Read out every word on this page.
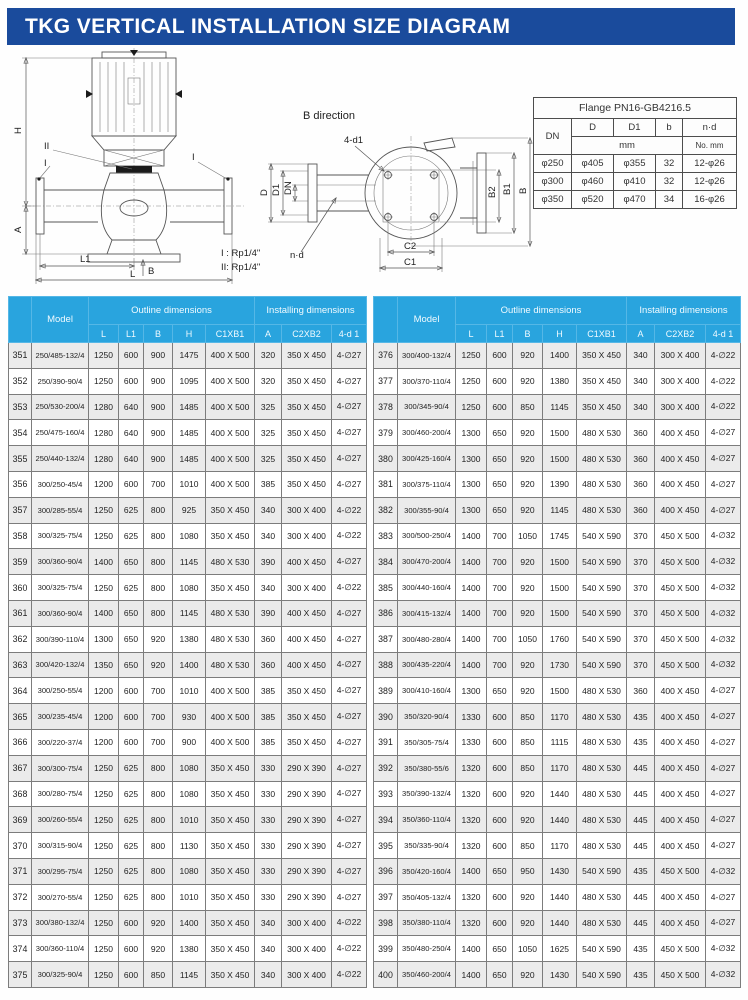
TKG VERTICAL INSTALLATION SIZE DIAGRAM
H
A
L1
L B
II
I
I
I : Rp1/4"
II: Rp1/4"
B direction
4-d1
n·d
D D1 DN	B2 B1 B
C2
C1
Flange PN16-GB4216.5				
DN	D	D1	b	n·d
	mm			No. mm
φ250	φ405	φ355	32	12-φ26
φ300	φ460	φ410	32	12-φ26
φ350	φ520	φ470	34	16-φ26
	Model	Outline dimensions					Installing dimensions		
		L	L1	B	H	C1XB1	A	C2XB2	4-d 1
351	250/485-132/4	1250	600	900	1475	400 X 500	320	350 X 450	4-∅27
352	250/390-90/4	1250	600	900	1095	400 X 500	320	350 X 450	4-∅27
353	250/530-200/4	1280	640	900	1485	400 X 500	325	350 X 450	4-∅27
354	250/475-160/4	1280	640	900	1485	400 X 500	325	350 X 450	4-∅27
355	250/440-132/4	1280	640	900	1485	400 X 500	325	350 X 450	4-∅27
356	300/250-45/4	1200	600	700	1010	400 X 500	385	350 X 450	4-∅27
357	300/285-55/4	1250	625	800	925	350 X 450	340	300 X 400	4-∅22
358	300/325-75/4	1250	625	800	1080	350 X 450	340	300 X 400	4-∅22
359	300/360-90/4	1400	650	800	1145	480 X 530	390	400 X 450	4-∅27
360	300/325-75/4	1250	625	800	1080	350 X 450	340	300 X 400	4-∅22
361	300/360-90/4	1400	650	800	1145	480 X 530	390	400 X 450	4-∅27
362	300/390-110/4	1300	650	920	1380	480 X 530	360	400 X 450	4-∅27
363	300/420-132/4	1350	650	920	1400	480 X 530	360	400 X 450	4-∅27
364	300/250-55/4	1200	600	700	1010	400 X 500	385	350 X 450	4-∅27
365	300/235-45/4	1200	600	700	930	400 X 500	385	350 X 450	4-∅27
366	300/220-37/4	1200	600	700	900	400 X 500	385	350 X 450	4-∅27
367	300/300-75/4	1250	625	800	1080	350 X 450	330	290 X 390	4-∅27
368	300/280-75/4	1250	625	800	1080	350 X 450	330	290 X 390	4-∅27
369	300/260-55/4	1250	625	800	1010	350 X 450	330	290 X 390	4-∅27
370	300/315-90/4	1250	625	800	1130	350 X 450	330	290 X 390	4-∅27
371	300/295-75/4	1250	625	800	1080	350 X 450	330	290 X 390	4-∅27
372	300/270-55/4	1250	625	800	1010	350 X 450	330	290 X 390	4-∅27
373	300/380-132/4	1250	600	920	1400	350 X 450	340	300 X 400	4-∅22
374	300/360-110/4	1250	600	920	1380	350 X 450	340	300 X 400	4-∅22
375	300/325-90/4	1250	600	850	1145	350 X 450	340	300 X 400	4-∅22
	Model	Outline dimensions					Installing dimensions		
		L	L1	B	H	C1XB1	A	C2XB2	4-d 1
376	300/400-132/4	1250	600	920	1400	350 X 450	340	300 X 400	4-∅22
377	300/370-110/4	1250	600	920	1380	350 X 450	340	300 X 400	4-∅22
378	300/345-90/4	1250	600	850	1145	350 X 450	340	300 X 400	4-∅22
379	300/460-200/4	1300	650	920	1500	480 X 530	360	400 X 450	4-∅27
380	300/425-160/4	1300	650	920	1500	480 X 530	360	400 X 450	4-∅27
381	300/375-110/4	1300	650	920	1390	480 X 530	360	400 X 450	4-∅27
382	300/355-90/4	1300	650	920	1145	480 X 530	360	400 X 450	4-∅27
383	300/500-250/4	1400	700	1050	1745	540 X 590	370	450 X 500	4-∅32
384	300/470-200/4	1400	700	920	1500	540 X 590	370	450 X 500	4-∅32
385	300/440-160/4	1400	700	920	1500	540 X 590	370	450 X 500	4-∅32
386	300/415-132/4	1400	700	920	1500	540 X 590	370	450 X 500	4-∅32
387	300/480-280/4	1400	700	1050	1760	540 X 590	370	450 X 500	4-∅32
388	300/435-220/4	1400	700	920	1730	540 X 590	370	450 X 500	4-∅32
389	300/410-160/4	1300	650	920	1500	480 X 530	360	400 X 450	4-∅27
390	350/320-90/4	1330	600	850	1170	480 X 530	435	400 X 450	4-∅27
391	350/305-75/4	1330	600	850	1115	480 X 530	435	400 X 450	4-∅27
392	350/380-55/6	1320	600	850	1170	480 X 530	445	400 X 450	4-∅27
393	350/390-132/4	1320	600	920	1440	480 X 530	445	400 X 450	4-∅27
394	350/360-110/4	1320	600	920	1440	480 X 530	445	400 X 450	4-∅27
395	350/335-90/4	1320	600	850	1170	480 X 530	445	400 X 450	4-∅27
396	350/420-160/4	1400	650	950	1430	540 X 590	435	450 X 500	4-∅32
397	350/405-132/4	1320	600	920	1440	480 X 530	445	400 X 450	4-∅27
398	350/380-110/4	1320	600	920	1440	480 X 530	445	400 X 450	4-∅27
399	350/480-250/4	1400	650	1050	1625	540 X 590	435	450 X 500	4-∅32
400	350/460-200/4	1400	650	920	1430	540 X 590	435	450 X 500	4-∅32
